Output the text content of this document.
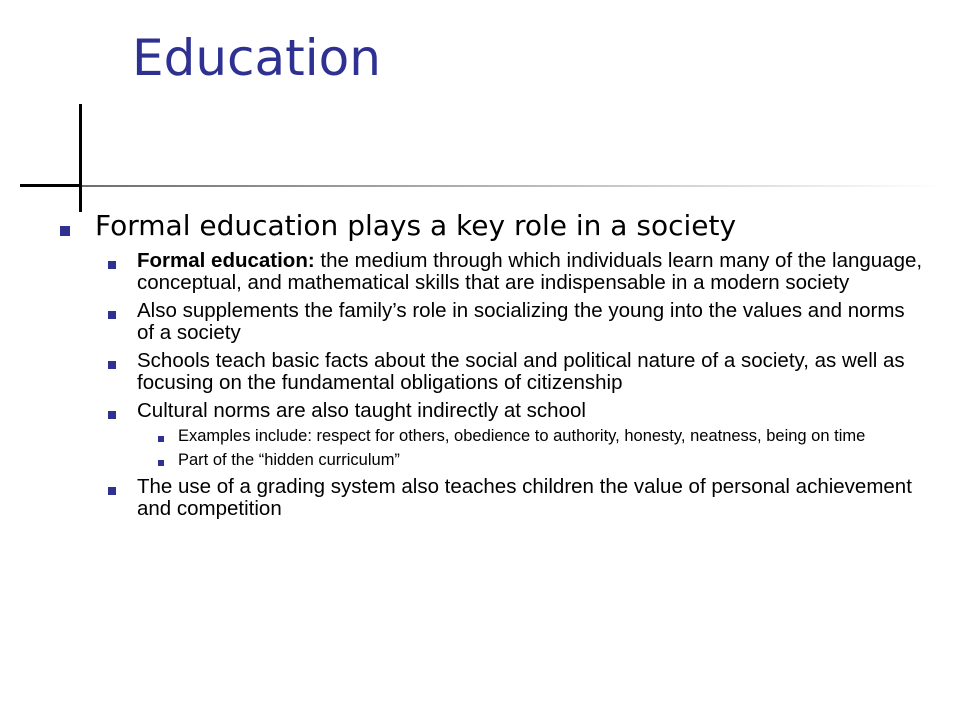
Education

Formal education plays a key role in a society

Formal education: the medium through which individuals learn many of the language, conceptual, and mathematical skills that are indispensable in a modern society

Also supplements the family’s role in socializing the young into the values and norms of a society

Schools teach basic facts about the social and political nature of a society, as well as focusing on the fundamental obligations of citizenship

Cultural norms are also taught indirectly at school

Examples include: respect for others, obedience to authority, honesty, neatness, being on time

Part of the “hidden curriculum”

The use of a grading system also teaches children the value of personal achievement and competition
